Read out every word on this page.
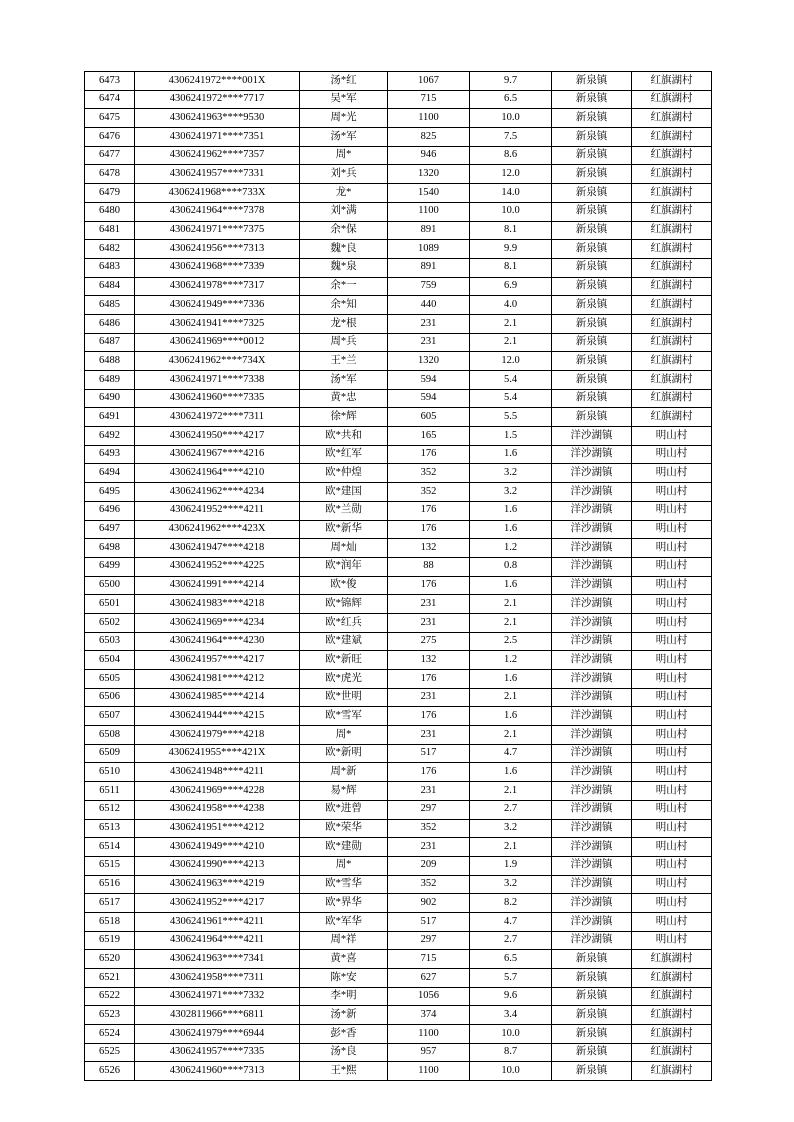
6473	4306241972****001X	汤*红	1067	9.7	新泉镇	红旗湖村
6474	4306241972****7717	吴*军	715	6.5	新泉镇	红旗湖村
6475	4306241963****9530	周*光	1100	10.0	新泉镇	红旗湖村
6476	4306241971****7351	汤*军	825	7.5	新泉镇	红旗湖村
6477	4306241962****7357	周*	946	8.6	新泉镇	红旗湖村
6478	4306241957****7331	刘*兵	1320	12.0	新泉镇	红旗湖村
6479	4306241968****733X	龙*	1540	14.0	新泉镇	红旗湖村
6480	4306241964****7378	刘*满	1100	10.0	新泉镇	红旗湖村
6481	4306241971****7375	余*保	891	8.1	新泉镇	红旗湖村
6482	4306241956****7313	魏*良	1089	9.9	新泉镇	红旗湖村
6483	4306241968****7339	魏*泉	891	8.1	新泉镇	红旗湖村
6484	4306241978****7317	余*一	759	6.9	新泉镇	红旗湖村
6485	4306241949****7336	余*知	440	4.0	新泉镇	红旗湖村
6486	4306241941****7325	龙*根	231	2.1	新泉镇	红旗湖村
6487	4306241969****0012	周*兵	231	2.1	新泉镇	红旗湖村
6488	4306241962****734X	王*兰	1320	12.0	新泉镇	红旗湖村
6489	4306241971****7338	汤*军	594	5.4	新泉镇	红旗湖村
6490	4306241960****7335	黄*忠	594	5.4	新泉镇	红旗湖村
6491	4306241972****7311	徐*辉	605	5.5	新泉镇	红旗湖村
6492	4306241950****4217	欧*共和	165	1.5	洋沙湖镇	明山村
6493	4306241967****4216	欧*红军	176	1.6	洋沙湖镇	明山村
6494	4306241964****4210	欧*仲煌	352	3.2	洋沙湖镇	明山村
6495	4306241962****4234	欧*建国	352	3.2	洋沙湖镇	明山村
6496	4306241952****4211	欧*兰勋	176	1.6	洋沙湖镇	明山村
6497	4306241962****423X	欧*新华	176	1.6	洋沙湖镇	明山村
6498	4306241947****4218	周*灿	132	1.2	洋沙湖镇	明山村
6499	4306241952****4225	欧*润年	88	0.8	洋沙湖镇	明山村
6500	4306241991****4214	欧*俊	176	1.6	洋沙湖镇	明山村
6501	4306241983****4218	欧*锦辉	231	2.1	洋沙湖镇	明山村
6502	4306241969****4234	欧*红兵	231	2.1	洋沙湖镇	明山村
6503	4306241964****4230	欧*建斌	275	2.5	洋沙湖镇	明山村
6504	4306241957****4217	欧*新旺	132	1.2	洋沙湖镇	明山村
6505	4306241981****4212	欧*虎光	176	1.6	洋沙湖镇	明山村
6506	4306241985****4214	欧*世明	231	2.1	洋沙湖镇	明山村
6507	4306241944****4215	欧*雪军	176	1.6	洋沙湖镇	明山村
6508	4306241979****4218	周*	231	2.1	洋沙湖镇	明山村
6509	4306241955****421X	欧*新明	517	4.7	洋沙湖镇	明山村
6510	4306241948****4211	周*新	176	1.6	洋沙湖镇	明山村
6511	4306241969****4228	易*辉	231	2.1	洋沙湖镇	明山村
6512	4306241958****4238	欧*进曾	297	2.7	洋沙湖镇	明山村
6513	4306241951****4212	欧*荣华	352	3.2	洋沙湖镇	明山村
6514	4306241949****4210	欧*建勋	231	2.1	洋沙湖镇	明山村
6515	4306241990****4213	周*	209	1.9	洋沙湖镇	明山村
6516	4306241963****4219	欧*雪华	352	3.2	洋沙湖镇	明山村
6517	4306241952****4217	欧*界华	902	8.2	洋沙湖镇	明山村
6518	4306241961****4211	欧*军华	517	4.7	洋沙湖镇	明山村
6519	4306241964****4211	周*祥	297	2.7	洋沙湖镇	明山村
6520	4306241963****7341	黄*喜	715	6.5	新泉镇	红旗湖村
6521	4306241958****7311	陈*安	627	5.7	新泉镇	红旗湖村
6522	4306241971****7332	李*明	1056	9.6	新泉镇	红旗湖村
6523	4302811966****6811	汤*新	374	3.4	新泉镇	红旗湖村
6524	4306241979****6944	彭*香	1100	10.0	新泉镇	红旗湖村
6525	4306241957****7335	汤*良	957	8.7	新泉镇	红旗湖村
6526	4306241960****7313	王*熙	1100	10.0	新泉镇	红旗湖村
